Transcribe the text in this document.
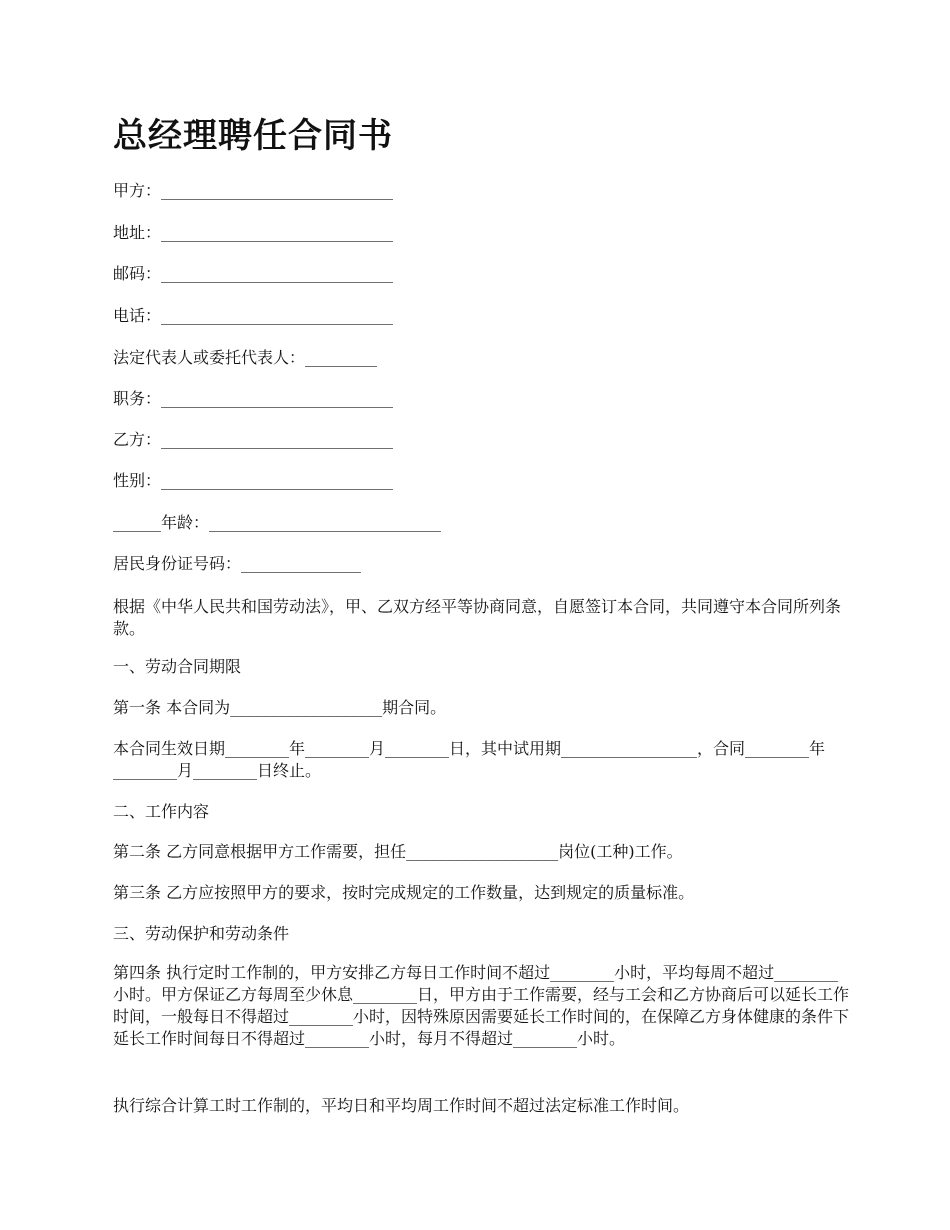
总经理聘任合同书
甲方：_____________________________
地址：_____________________________
邮码：_____________________________
电话：_____________________________
法定代表人或委托代表人：_________
职务：_____________________________
乙方：_____________________________
性别：_____________________________
______年龄：_____________________________
居民身份证号码：_______________
根据《中华人民共和国劳动法》，甲、乙双方经平等协商同意，自愿签订本合同，共同遵守本合同所列条款。
一、劳动合同期限
第一条 本合同为___________________期合同。
本合同生效日期________年________月________日，其中试用期_________________，合同________年________月________日终止。
二、工作内容
第二条 乙方同意根据甲方工作需要，担任___________________岗位(工种)工作。
第三条 乙方应按照甲方的要求，按时完成规定的工作数量，达到规定的质量标准。
三、劳动保护和劳动条件
第四条 执行定时工作制的，甲方安排乙方每日工作时间不超过________小时，平均每周不超过________小时。甲方保证乙方每周至少休息________日，甲方由于工作需要，经与工会和乙方协商后可以延长工作时间，一般每日不得超过________小时，因特殊原因需要延长工作时间的，在保障乙方身体健康的条件下延长工作时间每日不得超过________小时，每月不得超过________小时。
执行综合计算工时工作制的，平均日和平均周工作时间不超过法定标准工作时间。
